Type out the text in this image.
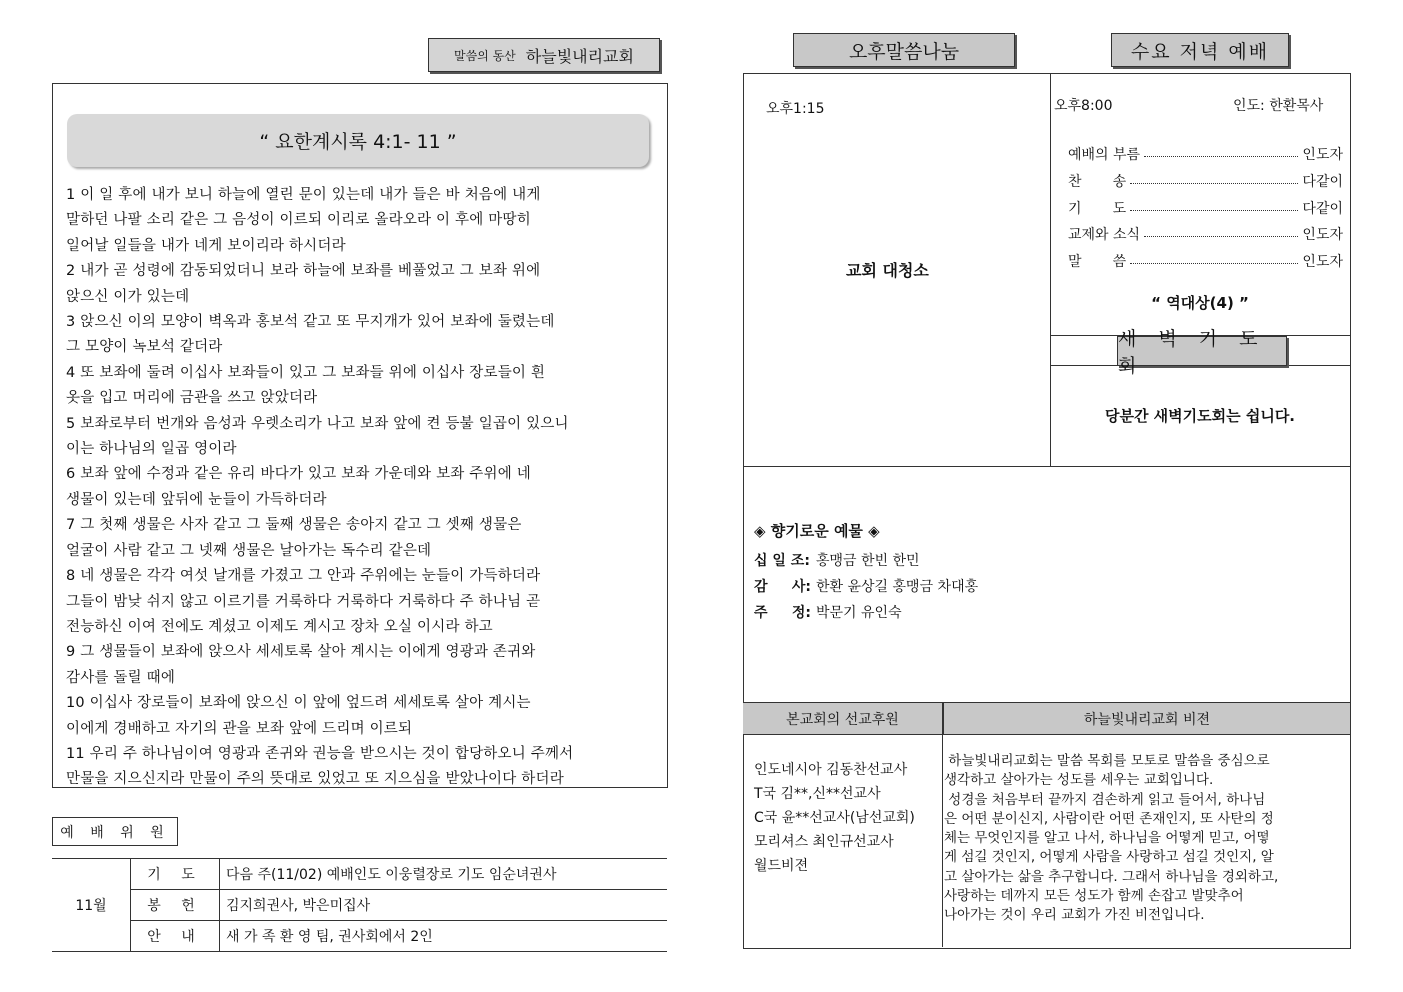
말씀의 동산 하늘빛내리교회
“ 요한계시록 4:1- 11 ”

1 이 일 후에 내가 보니 하늘에 열린 문이 있는데 내가 들은 바 처음에 내게

말하던 나팔 소리 같은 그 음성이 이르되 이리로 올라오라 이 후에 마땅히

일어날 일들을 내가 네게 보이리라 하시더라

2 내가 곧 성령에 감동되었더니 보라 하늘에 보좌를 베풀었고 그 보좌 위에

앉으신 이가 있는데

3 앉으신 이의 모양이 벽옥과 홍보석 같고 또 무지개가 있어 보좌에 둘렸는데

그 모양이 녹보석 같더라

4 또 보좌에 둘려 이십사 보좌들이 있고 그 보좌들 위에 이십사 장로들이 흰

옷을 입고 머리에 금관을 쓰고 앉았더라

5 보좌로부터 번개와 음성과 우렛소리가 나고 보좌 앞에 켠 등불 일곱이 있으니

이는 하나님의 일곱 영이라

6 보좌 앞에 수정과 같은 유리 바다가 있고 보좌 가운데와 보좌 주위에 네

생물이 있는데 앞뒤에 눈들이 가득하더라

7 그 첫째 생물은 사자 같고 그 둘째 생물은 송아지 같고 그 셋째 생물은

얼굴이 사람 같고 그 넷째 생물은 날아가는 독수리 같은데

8 네 생물은 각각 여섯 날개를 가졌고 그 안과 주위에는 눈들이 가득하더라

그들이 밤낮 쉬지 않고 이르기를 거룩하다 거룩하다 거룩하다 주 하나님 곧

전능하신 이여 전에도 계셨고 이제도 계시고 장차 오실 이시라 하고

9 그 생물들이 보좌에 앉으사 세세토록 살아 계시는 이에게 영광과 존귀와

감사를 돌릴 때에

10 이십사 장로들이 보좌에 앉으신 이 앞에 엎드려 세세토록 살아 계시는

이에게 경배하고 자기의 관을 보좌 앞에 드리며 이르되

11 우리 주 하나님이여 영광과 존귀와 권능을 받으시는 것이 합당하오니 주께서

만물을 지으신지라 만물이 주의 뜻대로 있었고 또 지으심을 받았나이다 하더라

예 배 위 원
11월	기 도	다음 주(11/02) 예배인도 이웅렬장로 기도 임순녀권사
	봉 헌	김지희권사, 박은미집사
	안 내	새 가 족 환 영 팀, 권사회에서 2인
오후말씀나눔	수요 저녁 예배
오후1:15
교회 대청소
오후8:00	인도: 한환목사
예배의 부름	인도자
찬       송	다같이
기       도	다같이
교제와 소식	인도자
말       씀	인도자
“ 역대상(4) ”
새 벽 기 도 회
당분간 새벽기도회는 쉽니다.
◈ 향기로운 예물 ◈
십 일 조: 홍맹금 한빈 한민
감     사: 한환 윤상길 홍맹금 차대홍
주     정: 박문기 유인숙
본교회의 선교후원	하늘빛내리교회 비젼
인도네시아 김동찬선교사
T국 김**,신**선교사
C국 윤**선교사(남선교회)
모리셔스 최인규선교사
월드비젼

하늘빛내리교회는 말씀 목회를 모토로 말씀을 중심으로

생각하고 살아가는 성도를 세우는 교회입니다.

성경을 처음부터 끝까지 겸손하게 읽고 들어서, 하나님

은 어떤 분이신지, 사람이란 어떤 존재인지, 또 사탄의 정

체는 무엇인지를 알고 나서, 하나님을 어떻게 믿고, 어떻

게 섬길 것인지, 어떻게 사람을 사랑하고 섬길 것인지, 알

고 살아가는 삶을 추구합니다. 그래서 하나님을 경외하고,

사랑하는 데까지 모든 성도가 함께 손잡고 발맞추어

나아가는 것이 우리 교회가 가진 비전입니다.
